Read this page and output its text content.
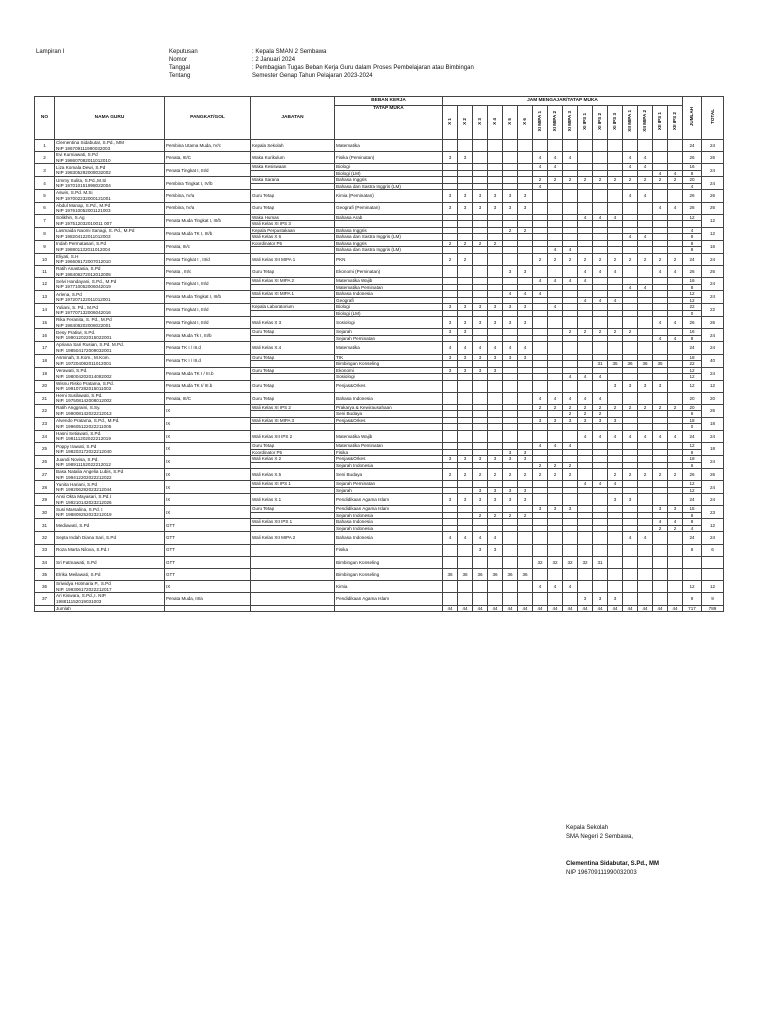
Lampiran I	Keputusan
Nomor
Tanggal
Tentang
: Kepala SMAN 2 Sembawa
: 2 Januari 2024
: Pembagian Tugas Beban Kerja Guru dalam Proses Pembelajaran atau Bimbingan
Semester Genap Tahun Pelajaran 2023-2024
NO	NAMA GURU	PANGKAT/GOL	JABATAN	BEBAN KERJA	JAM MENGAJAR/TATAP MUKA																JUMLAH	TOTAL
				TATAP MUKA	X 1	X 2	X 3	X 4	X 5	X 6	XI MIPA 1	XI MIPA 2	XI MIPA 3	XI IPS 1	XI IPS 2	XI IPS 3	XII MIPA 1	XII MIPA 2	XII IPS 1	XII IPS 2		
1	Clementina Sidabutar, S.Pd., MM
NIP 196709111990032003	Pembina Utama Muda, IV/c	Kepala Sekolah	Matematika																	24	24
2	Evi Kurniawati, S.Pd
NIP 198607082011012010	Penata, III/C	Waka Kurikulum	Fisika (Peminatan)	3	3					4	4	4				4	4			26	26
3	Liza Komala Dewi, S.Pd
NIP 198305292008032002	Penata Tingkat I, III/d	Waka Kesiswaan	Biologi							4	4					4	4			16	24
				Biologi (LM)															4	4	8	
4	Ummy Sulita, S.Pd.,M.Si
NIP 197010151998022004	Pembina Tingkat I, IV/b	Waka Sarana	Bahasa Inggris							2	2	2	2	2	2	2	2	2	2	20	24
				Bahasa dan Sastra Inggris (LM)							4										4	
5	Aswin, S.Pd. M.Si
NIP 197002232000121001	Pembina, IV/a	Guru Tetap	Kimia (Peminatan)	3	3	3	3	3	3							4	4			26	26
6	Abdul Manap, S.Pd., M.Pd
NIP 197610052001121003	Pembina, IV/a	Guru Tetap	Geografi (Peminatan)	3	3	3	3	3	3									4	4	26	26
7	Solikhin, S.Ag
NIP 197512032010011 007	Penata Muda Tingkat I, III/b	Waka Humas	Bahasa Arab										4	4	4					12	12
			Wali Kelas XI IPS 3																			
8	Lasmaida Naomi Sanagi, S. Pd., M.Pd
NIP 198204122011012003	Penata Muda TK I, III/b	Kepala Perpustakaan	Bahasa Inggris					2	2											4	12
			Wali Kelas X 6	Bahasa dan Sastra Inggris (LM)													4	4			8	
9	Indah Permatasari, S.Pd
NIP 198801132011012004	Penata, III/c	Koordinator P5	Bahasa Inggris	2	2	2	2													8	16
				Bahasa dan Sastra Inggris (LM)								4	4								8	
10	Eliyati, S.H
NIP 196606172007012010	Penata Tingkat I , III/d	Wali Kelas XII MIPA 1	PKN	2	2					2	2	2	2	2	2	2	2	2	2	24	24
11	Ratih Anastasia, S.Pd
NIP 198406272012012005	Penata , III/c	Guru Tetap	Ekonomi (Peminatan)					3	3				4	4	4			4	4	26	26
12	Selvi Handayani, S.Pd., M.Pd
NIP 197710052006042019	Penata Tingkat I, III/d	Wali Kelas XI MIPA 2	Matematika Wajib							4	4	4	4							16	24
				Matematika Peminatan													4	4			8	
13	Arlena, S.Pd
NIP 197207122011012001	Penata Muda Tingkat I, III/b	Wali Kelas XI MIPA 1	Bahasa Indonesia					4	4	4										12	24
				Geografi										4	4	4					12	
14	Yuliani, S. Pd., M.Pd
NIP 197707132006042016	Penata Tingkat I, III/d	Kepala Laboratorium	Biologi	3	3	3	3	3	3		4									22	22
				Biologi (LM)																	0	
15	Rika Feranita, S. Pd., M.Pd
NIP 198408202008022001	Penata Tingkat I, III/d	Wali Kelas X 3	Sosiologi	3	3	3	3	3	3									4	4	26	26
16	Desy Pratiwi, S.Pd.
NIP. 199012022015022001	Penata Muda Tk I, III/b	Guru Tetap	Sejarah	3	3							2	2	2	2	2				16	24
				Sejarah Peminatan															4	4	8	
17	Apriana Sari Rusian, S.Pd. M.Pd.
NIP. 198504172009032001	Penata TK I / III.d	Wali Kelas X.4	Matematika	4	4	4	4	4	4											24	24
18	Asminah, S.Kom., M.Kom.
NIP. 197204092011012001	Penata TK I / III.d	Guru Tetap	TIK	3	3	3	3	3	3											18	40
				Bimbingan Konseling											31	35	36	36	35		22	
19	Verawati, S.Pd.
NIP. 198004202014082002	Penata Muda TK I / III.b	Guru Tetap	Ekonomi	3	3	3	3													12	24
				Sosiologi									4	4	4						12	
20	Wisnu Risko Pratama, S.Pd.
NIP. 199107282015011002	Penata Muda TK I/ III.b	Guru Tetap	Penjas&Orkes												3	3	3	3		12	12
21	Hemi Susilawati, S.Pd.
NIP. 197508142008012002	Penata, III/C	Guru Tetap	Bahasa Indonesia							4	4	4	4	4						20	20
22	Ratih Anggraini, S.Sy.
NIP. 199008142022212013	IX	Wali Kelas XI IPS 2	Prakarya & Kewirausahaan							2	2	2	2	2	2	2	2	2	2	20	26
				Seni Budaya									2	2	2						6	
23	Alvendo Pratama, S.Pd., M.Pd.
NIP. 199605122022211005	IX	Wali Kelas XI MIPA 3	Penjas&Orkes							3	3	3	3	3	3					18	18
																					0	
24	Hasni Setiawati, S.Pd.
NIP. 198111202022212019	IX	Wali Kelas XII IPS 2	Matematika Wajib										4	4	4	4	4	4	4	24	24
25	Poppy Irawati, S.Pd
NIP. 198203172022212040	IX	Guru Tetap	Matematika Peminatan							4	4	4								12	18
			Koordinator P5	Fisika					3	3											6	
26	Juandi Novisa, S.Pd.
NIP. 198911152022212012	IX	Wali Kelas X 2	Penjas&Orkes	3	3	3	3	3	3											18	24
				Sejarah Indonesia							2	2	2								6	
27	Basa Natalia Angelia Lubis, S.Pd
NIP. 199412202022212022	IX	Wali Kelas X.5	Seni Budaya	2	2	2	2	2	2	2	2	2			2	2	2	2	2	26	26
28	Yunita Hariani, S.Pd
NIP. 199206292023212044	IX	Wali Kelas XI IPS 1	Sejarah Peminatan										4	4	4					12	24
				Sejarah			3	3	3	3											12	
29	Ansi Okta Mayasari, S.Pd.I
NIP. 199210142023212026	IX	Wali Kelas X.1	Pendidikaan Agama Islam	3	3	3	3	3	3						3	3				24	24
30	Susi Marsalina, S.Pd. I
NIP. 198809252023212019	IX	Guru Tetap	Pendidikaan Agama Islam							3	3	3						3	3	15	23
				Sejarah Indonesia			2	2	2	2											8	
31	Mediawati, S.Pd	GTT	Wali Kelas XII IPS 1	Bahasa Indonesia															4	4	8	12
				Sejarah Indonesia															2	2	4	
32	Septa Indah Diana Sari, S.Pd	GTT	Wali Kelas XII MIPA 2	Bahasa Indonesia	4	4	4	4									4	4			24	24
33	Roza Marta Nilova, S.Pd.I	GTT		Fisika			3	3													6	6
34	Sri Fatmawati, S.Pd	GTT		Bimbingan Konseling							32	32	32	32	31							
35	Elrika Meilawati, S.Pd	GTT		Bimbingan Konseling	36	36	36	36	36	36												
36	Sriwidya Hotmaria P., S.Pd
NIP. 199306172022212017	IX		Kimia							4	4	4								12	12
37	Ari Kiswara, S.Pd.,I. NIP.
198811152019031003	Penata Muda, III/a		Pendidikaan Agama Islam										3	3	3					9	9
	Jumlah				44	44	44	44	44	44	44	44	44	44	44	44	44	44	44	44	717	789
Kepala Sekolah
SMA Negeri 2 Sembawa,
Clementina Sidabutar, S.Pd., MM
NIP 196709111990032003
